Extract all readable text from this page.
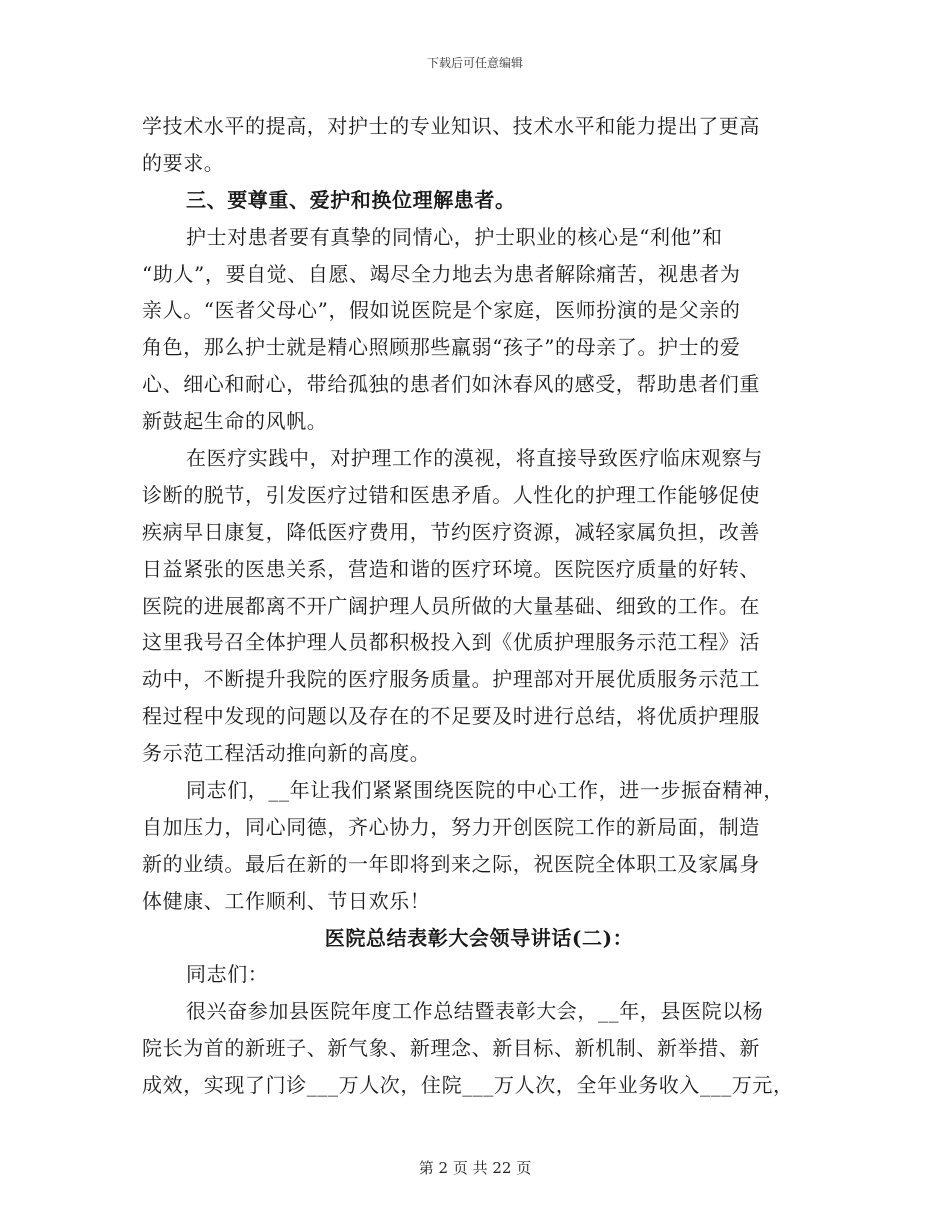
下载后可任意编辑
学技术水平的提高，对护士的专业知识、技术水平和能力提出了更高
的要求。
三、要尊重、爱护和换位理解患者。
护士对患者要有真挚的同情心，护士职业的核心是“利他”和
“助人”，要自觉、自愿、竭尽全力地去为患者解除痛苦，视患者为
亲人。“医者父母心”，假如说医院是个家庭，医师扮演的是父亲的
角色，那么护士就是精心照顾那些羸弱“孩子”的母亲了。护士的爱
心、细心和耐心，带给孤独的患者们如沐春风的感受，帮助患者们重
新鼓起生命的风帆。
在医疗实践中，对护理工作的漠视，将直接导致医疗临床观察与
诊断的脱节，引发医疗过错和医患矛盾。人性化的护理工作能够促使
疾病早日康复，降低医疗费用，节约医疗资源，减轻家属负担，改善
日益紧张的医患关系，营造和谐的医疗环境。医院医疗质量的好转、
医院的进展都离不开广阔护理人员所做的大量基础、细致的工作。在
这里我号召全体护理人员都积极投入到《优质护理服务示范工程》活
动中，不断提升我院的医疗服务质量。护理部对开展优质服务示范工
程过程中发现的问题以及存在的不足要及时进行总结，将优质护理服
务示范工程活动推向新的高度。
同志们，__年让我们紧紧围绕医院的中心工作，进一步振奋精神，
自加压力，同心同德，齐心协力，努力开创医院工作的新局面，制造
新的业绩。最后在新的一年即将到来之际，祝医院全体职工及家属身
体健康、工作顺利、节日欢乐！
医院总结表彰大会领导讲话(二)：
同志们：
很兴奋参加县医院年度工作总结暨表彰大会，__年，县医院以杨
院长为首的新班子、新气象、新理念、新目标、新机制、新举措、新
成效，实现了门诊___万人次，住院___万人次，全年业务收入___万元，
第 2 页 共 22 页
